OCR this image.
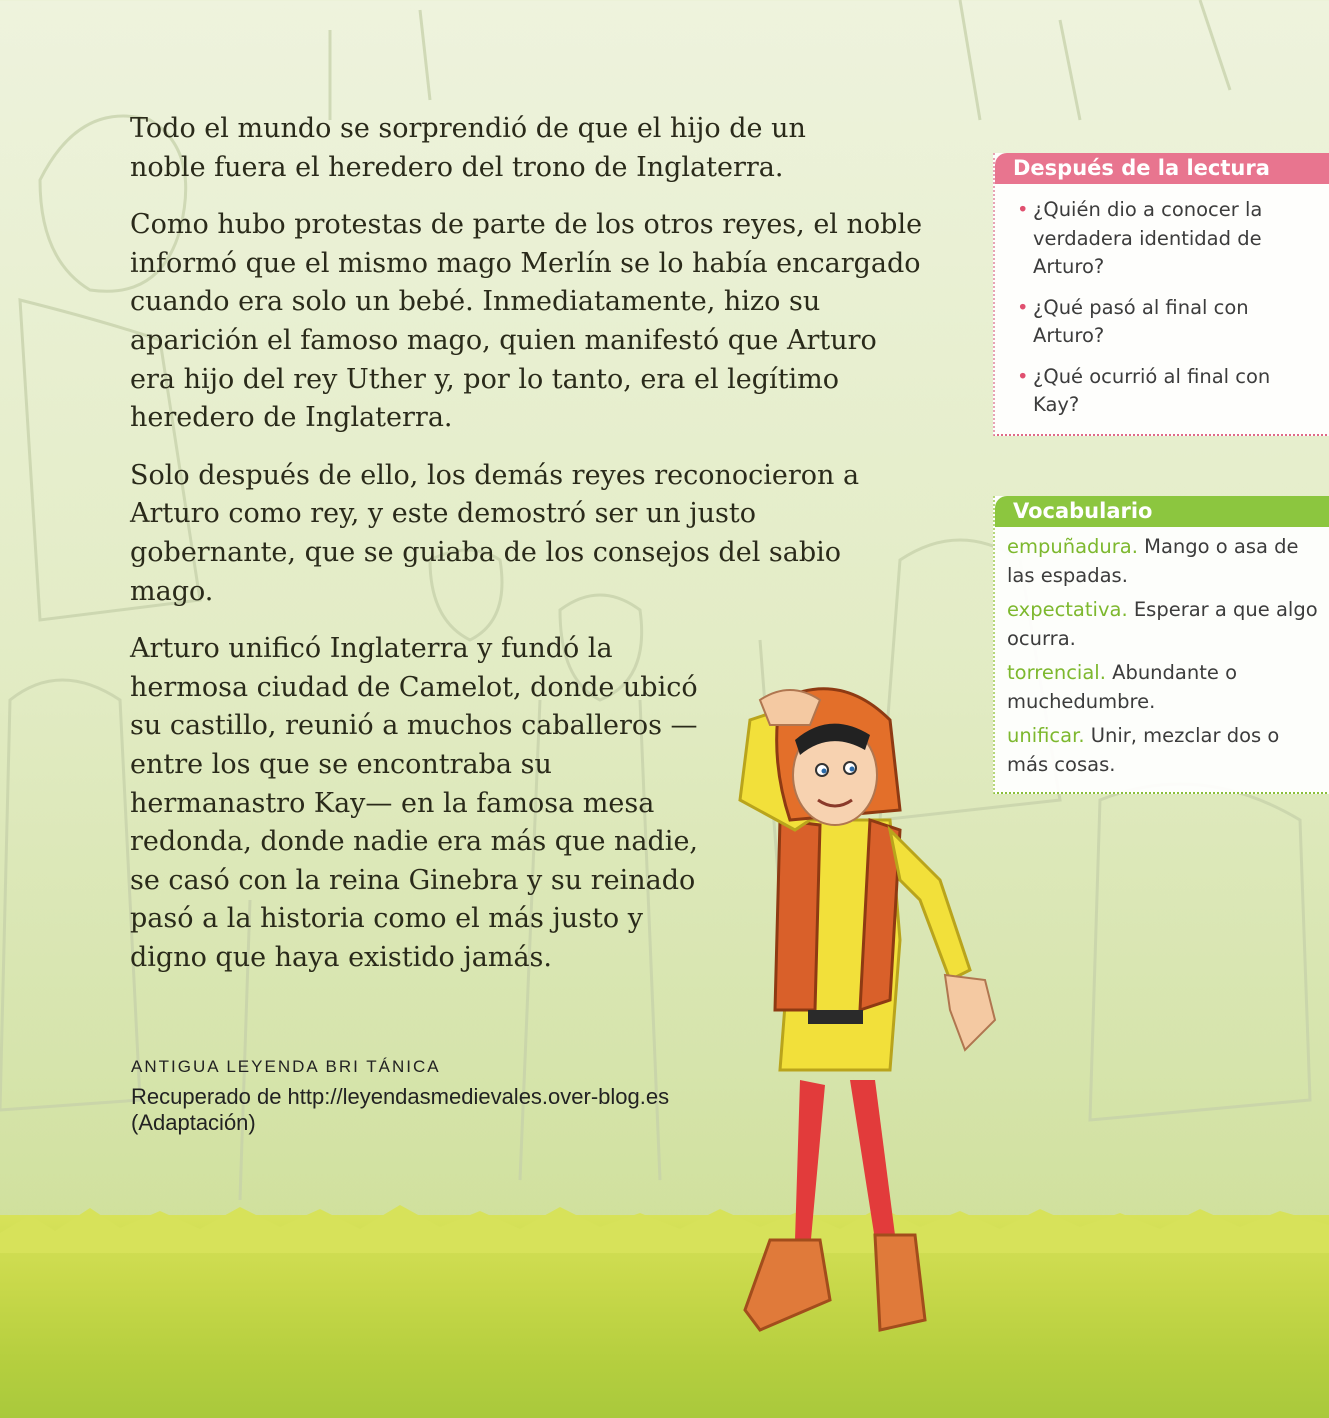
Todo el mundo se sorprendió de que el hijo de un noble fuera el heredero del trono de Inglaterra.

Como hubo protestas de parte de los otros reyes, el noble informó que el mismo mago Merlín se lo había encargado cuando era solo un bebé. Inmediatamente, hizo su aparición el famoso mago, quien manifestó que Arturo era hijo del rey Uther y, por lo tanto, era el legítimo heredero de Inglaterra.

Solo después de ello, los demás reyes reconocieron a Arturo como rey, y este demostró ser un justo gobernante, que se guiaba de los consejos del sabio mago.

Arturo unificó Inglaterra y fundó la hermosa ciudad de Camelot, donde ubicó su castillo, reunió a muchos caballeros —entre los que se encontraba su hermanastro Kay— en la famosa mesa redonda, donde nadie era más que nadie, se casó con la reina Ginebra y su reinado pasó a la historia como el más justo y digno que haya existido jamás.

ANTIGUA LEYENDA BRI TÁNICA
Recuperado de http://leyendasmedievales.over-blog.es
(Adaptación)
Después de la lectura
• ¿Quién dio a conocer la verdadera identidad de Arturo?
• ¿Qué pasó al final con Arturo?
• ¿Qué ocurrió al final con Kay?
Vocabulario
empuñadura. Mango o asa de las espadas.
expectativa. Esperar a que algo ocurra.
torrencial. Abundante o muchedumbre.
unificar. Unir, mezclar dos o más cosas.
